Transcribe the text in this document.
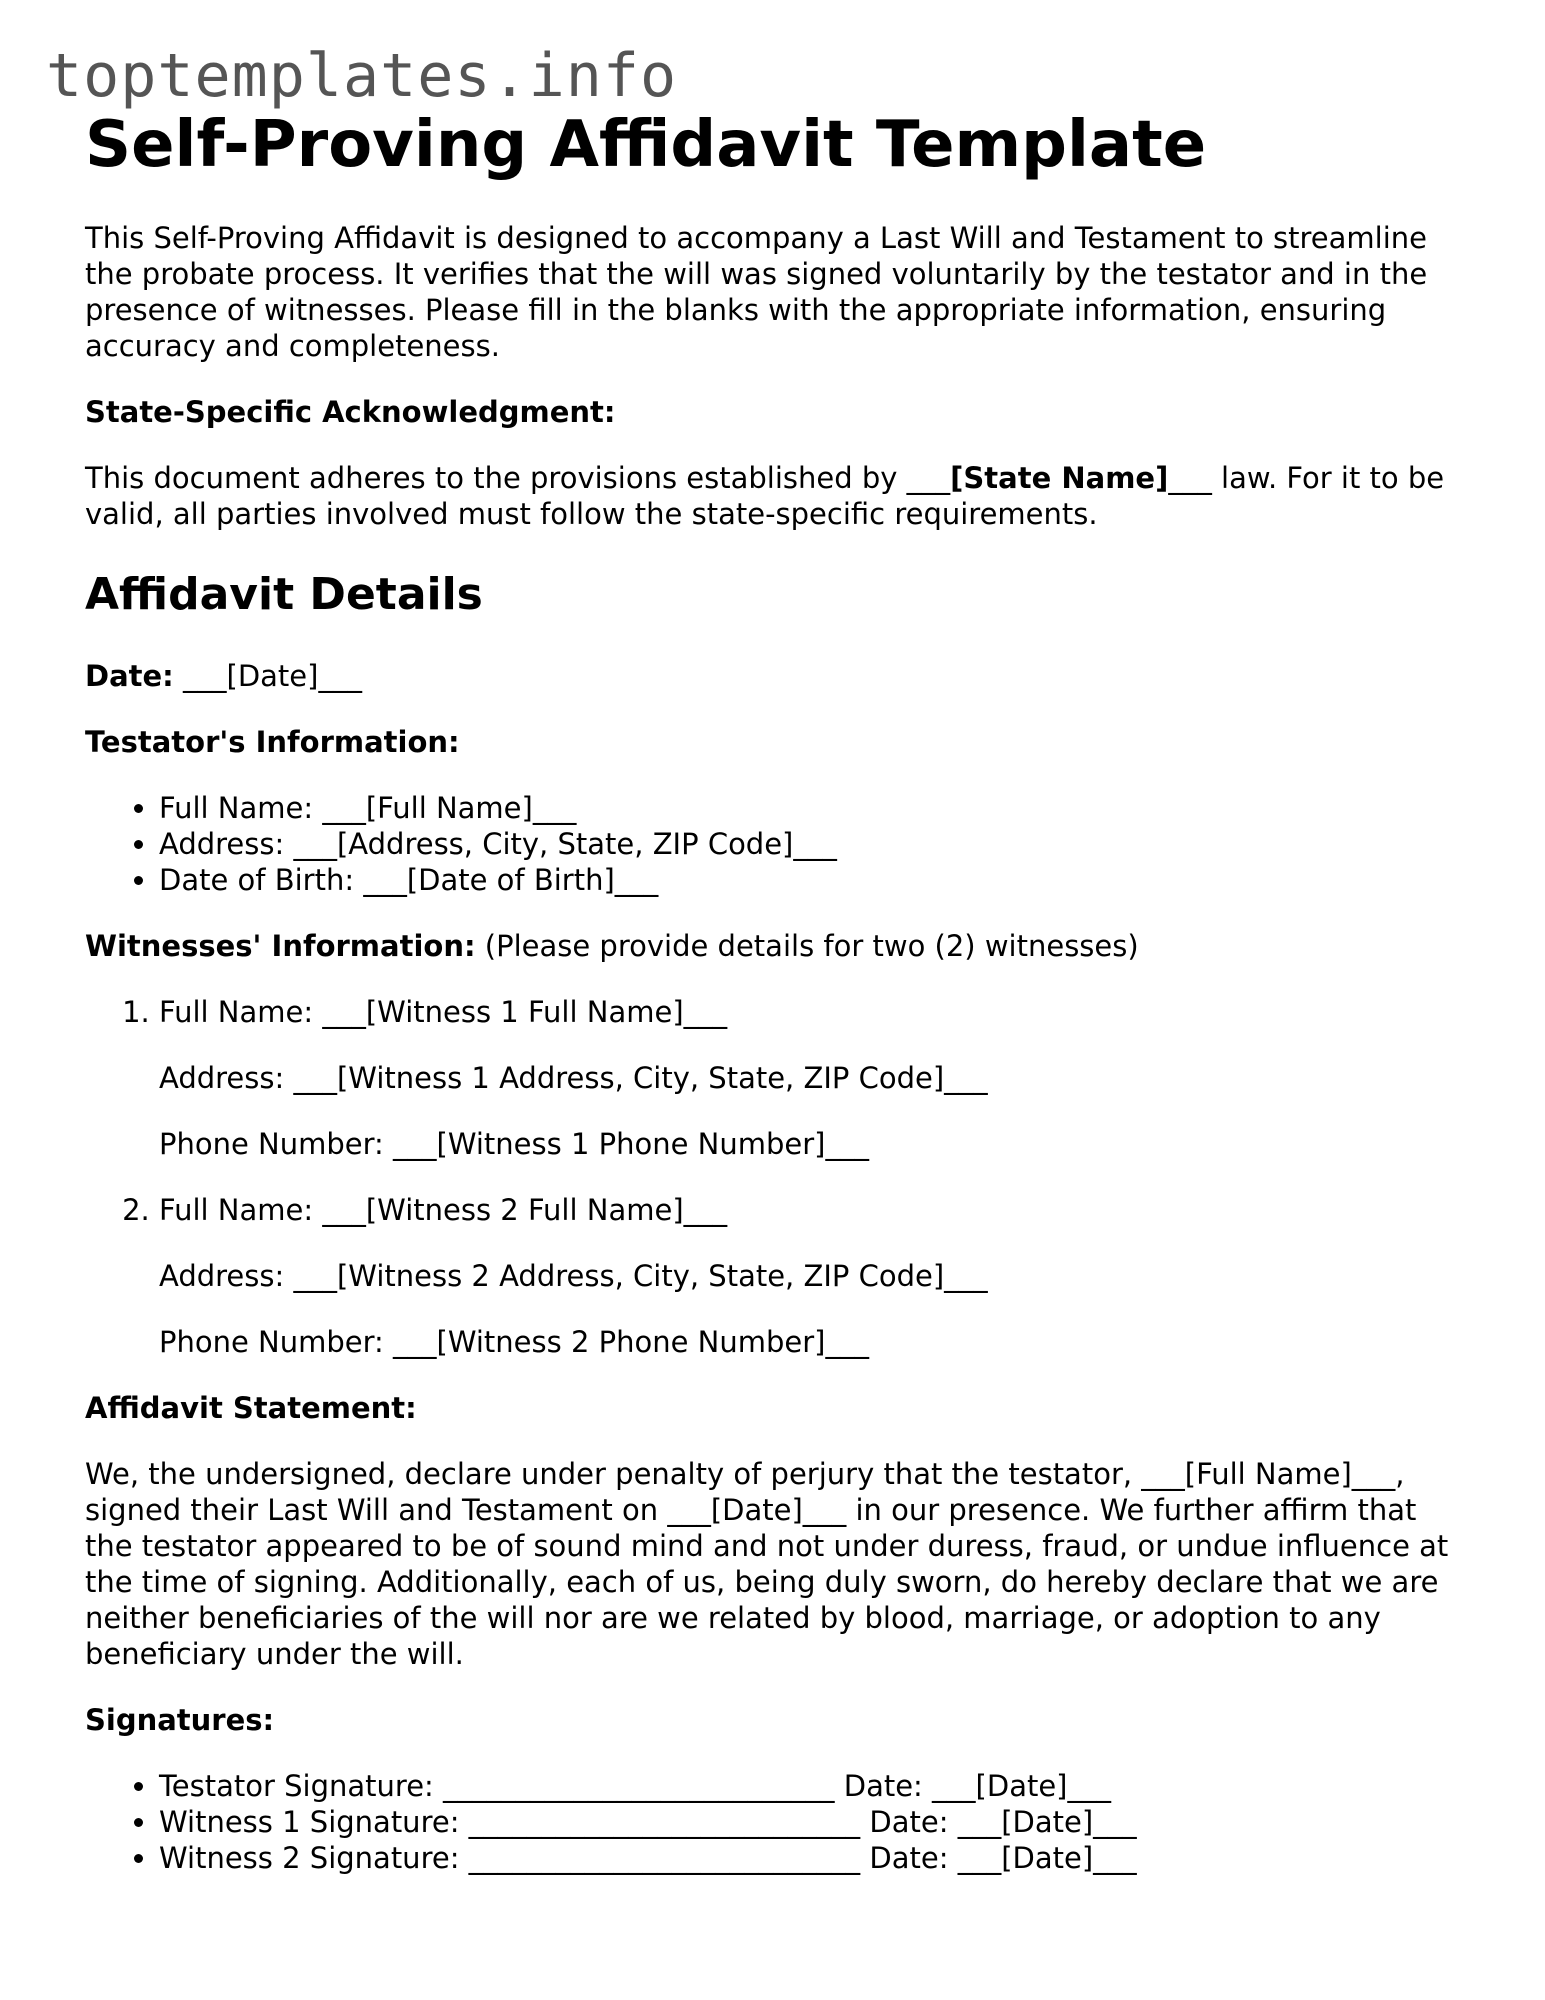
toptemplates.info
Self-Proving Affidavit Template

This Self-Proving Affidavit is designed to accompany a Last Will and Testament to streamline the probate process. It verifies that the will was signed voluntarily by the testator and in the presence of witnesses. Please fill in the blanks with the appropriate information, ensuring accuracy and completeness.

State-Specific Acknowledgment:

This document adheres to the provisions established by ___[State Name]___ law. For it to be valid, all parties involved must follow the state-specific requirements.

Affidavit Details

Date: ___[Date]___

Testator's Information:

• Full Name: ___[Full Name]___
• Address: ___[Address, City, State, ZIP Code]___
• Date of Birth: ___[Date of Birth]___

Witnesses' Information: (Please provide details for two (2) witnesses)

1. Full Name: ___[Witness 1 Full Name]___

Address: ___[Witness 1 Address, City, State, ZIP Code]___

Phone Number: ___[Witness 1 Phone Number]___

2. Full Name: ___[Witness 2 Full Name]___

Address: ___[Witness 2 Address, City, State, ZIP Code]___

Phone Number: ___[Witness 2 Phone Number]___

Affidavit Statement:

We, the undersigned, declare under penalty of perjury that the testator, ___[Full Name]___, signed their Last Will and Testament on ___[Date]___ in our presence. We further affirm that the testator appeared to be of sound mind and not under duress, fraud, or undue influence at the time of signing. Additionally, each of us, being duly sworn, do hereby declare that we are neither beneficiaries of the will nor are we related by blood, marriage, or adoption to any beneficiary under the will.

Signatures:

• Testator Signature: ___________________________ Date: ___[Date]___
• Witness 1 Signature: ___________________________ Date: ___[Date]___
• Witness 2 Signature: ___________________________ Date: ___[Date]___
